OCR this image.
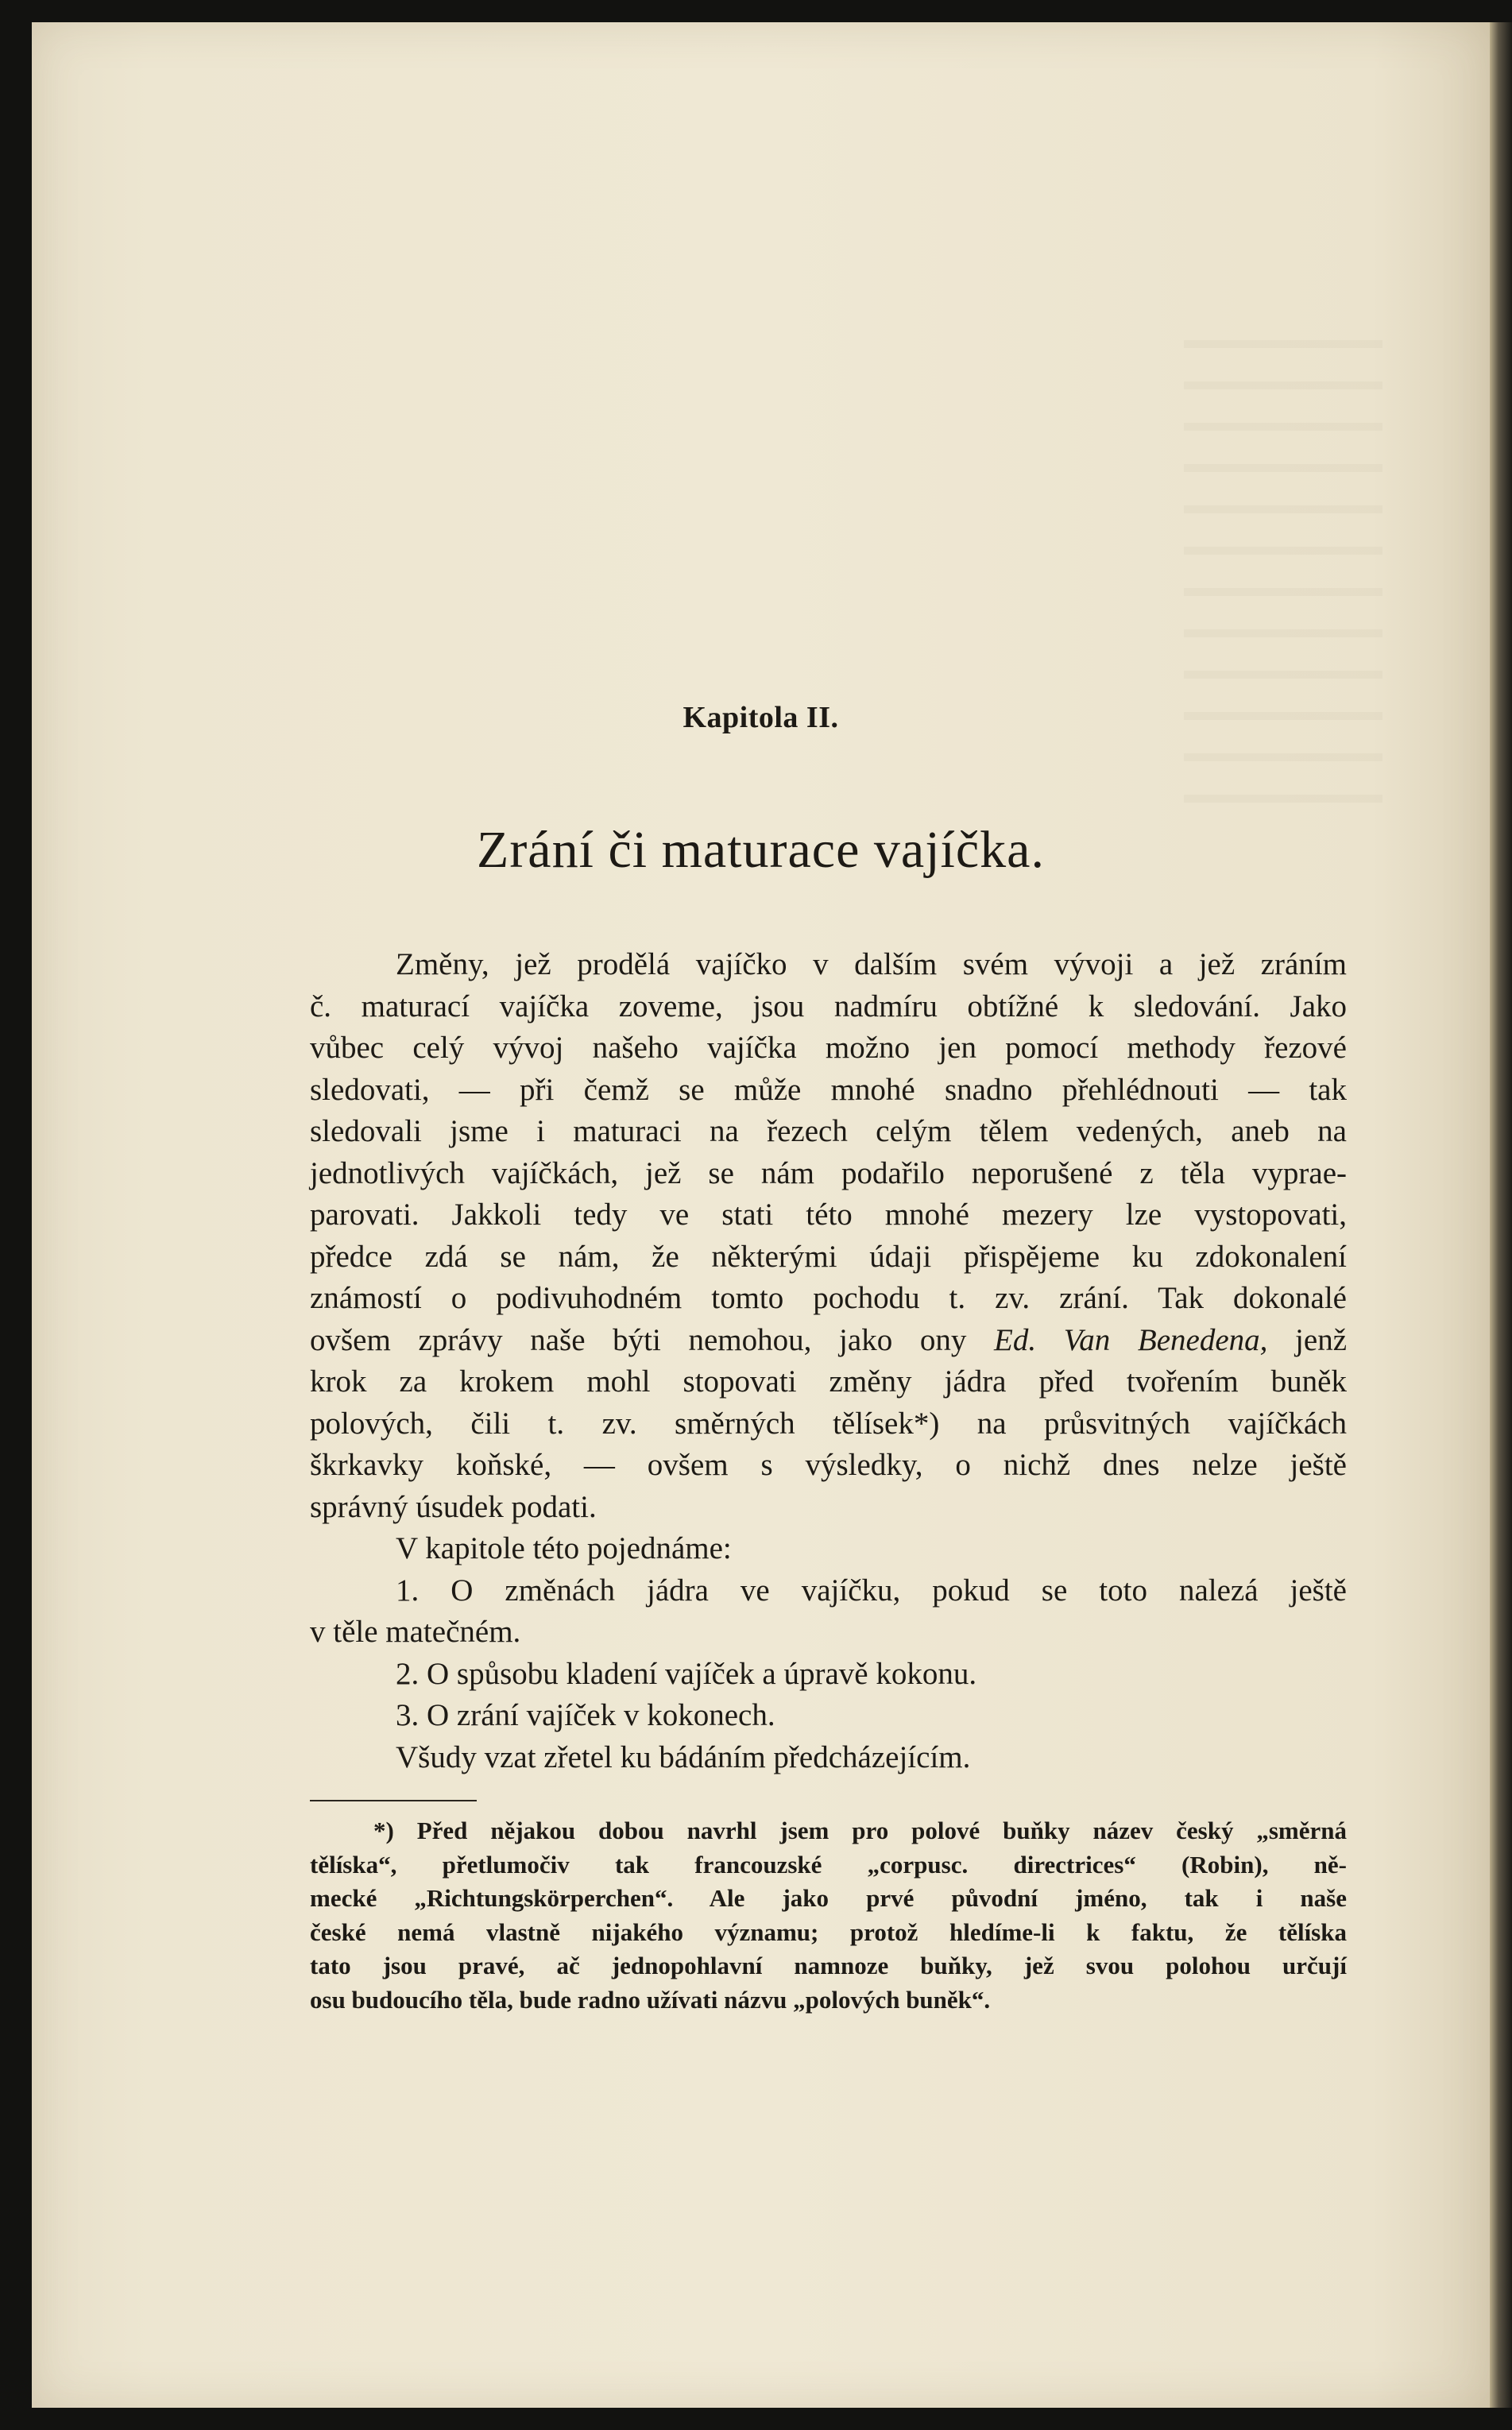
Kapitola II.
Zrání či maturace vajíčka.
Změny, jež prodělá vajíčko v dalším svém vývoji a jež zráním
č. maturací vajíčka zoveme, jsou nadmíru obtížné k sledování. Jako
vůbec celý vývoj našeho vajíčka možno jen pomocí methody řezové
sledovati, — při čemž se může mnohé snadno přehlédnouti — tak
sledovali jsme i maturaci na řezech celým tělem vedených, aneb na
jednotlivých vajíčkách, jež se nám podařilo neporušené z těla vyprae-
parovati. Jakkoli tedy ve stati této mnohé mezery lze vystopovati,
předce zdá se nám, že některými údaji přispějeme ku zdokonalení
známostí o podivuhodném tomto pochodu t. zv. zrání. Tak dokonalé
ovšem zprávy naše býti nemohou, jako ony Ed. Van Benedena, jenž
krok za krokem mohl stopovati změny jádra před tvořením buněk
polových, čili t. zv. směrných tělísek*) na průsvitných vajíčkách
škrkavky koňské, — ovšem s výsledky, o nichž dnes nelze ještě
správný úsudek podati.
V kapitole této pojednáme:
1. O změnách jádra ve vajíčku, pokud se toto nalezá ještě
v těle matečném.
2. O spůsobu kladení vajíček a úpravě kokonu.
3. O zrání vajíček v kokonech.
Všudy vzat zřetel ku bádáním předcházejícím.
*) Před nějakou dobou navrhl jsem pro polové buňky název český „směrná
tělíska“, přetlumočiv tak francouzské „corpusc. directrices“ (Robin), ně-
mecké „Richtungskörperchen“. Ale jako prvé původní jméno, tak i naše
české nemá vlastně nijakého významu; protož hledíme-li k faktu, že tělíska
tato jsou pravé, ač jednopohlavní namnoze buňky, jež svou polohou určují
osu budoucího těla, bude radno užívati názvu „polových buněk“.
